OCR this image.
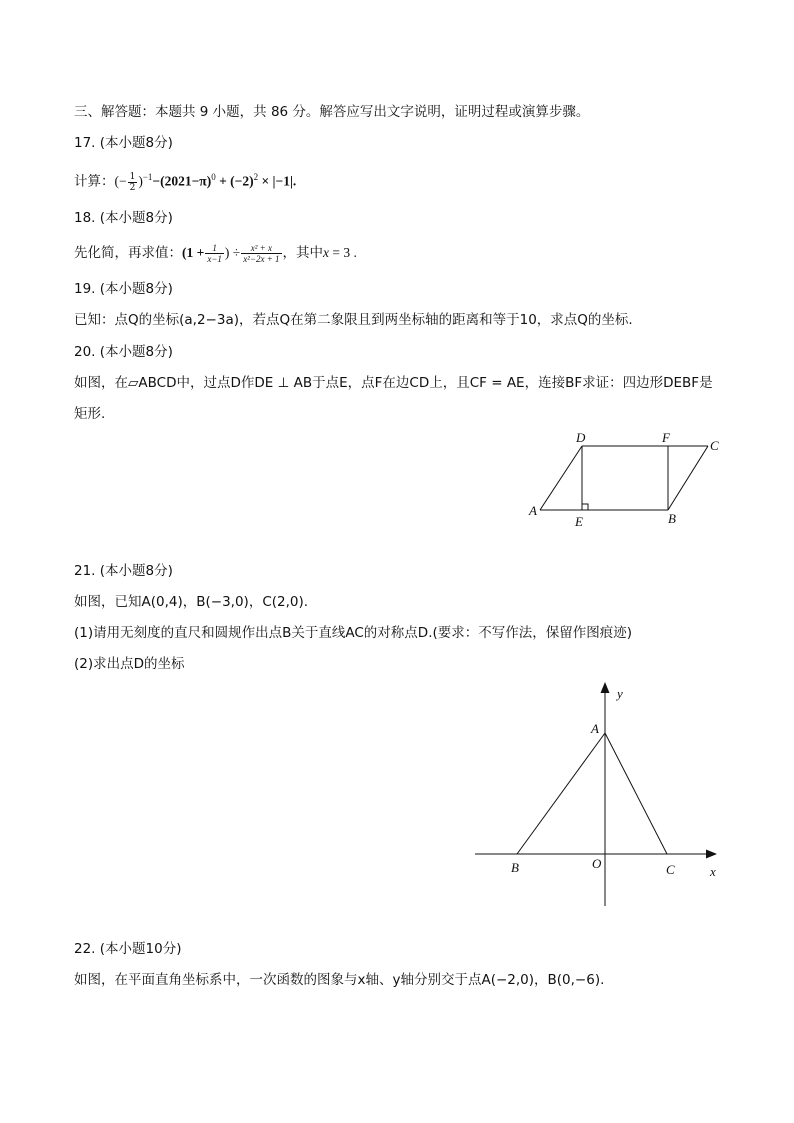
三、解答题：本题共 9 小题，共 86 分。解答应写出文字说明，证明过程或演算步骤。
17. (本小题8分)
计算：(− $\frac{1}{2} )^{-1}-(2021-\pi)^0 + (-2)^2 \times |-1|$.
18. (本小题8分)
先化简，再求值：($1 + \frac{1}{x-1}$ ) ÷ $\frac{\text{x² + x}}{\text{x²−2x + 1}}$ ，其中x = 3 .
19. (本小题8分)
已知：点Q的坐标(a,2−3a)，若点Q在第二象限且到两坐标轴的距离和等于10，求点Q的坐标.
20. (本小题8分)
如图，在▱ABCD中，过点D作DE ⊥ AB于点E，点F在边CD上，且CF = AE，连接BF求证：四边形DEBF是
矩形.
D	F
C
A
E	B
21. (本小题8分)
如图，已知A(0,4)，B(−3,0)，C(2,0).
(1)请用无刻度的直尺和圆规作出点B关于直线AC的对称点D.(要求：不写作法，保留作图痕迹)
(2)求出点D的坐标
A
B	O	C	x
y
22. (本小题10分)
如图，在平面直角坐标系中，一次函数的图象与x轴、y轴分别交于点A(−2,0)，B(0,−6).
